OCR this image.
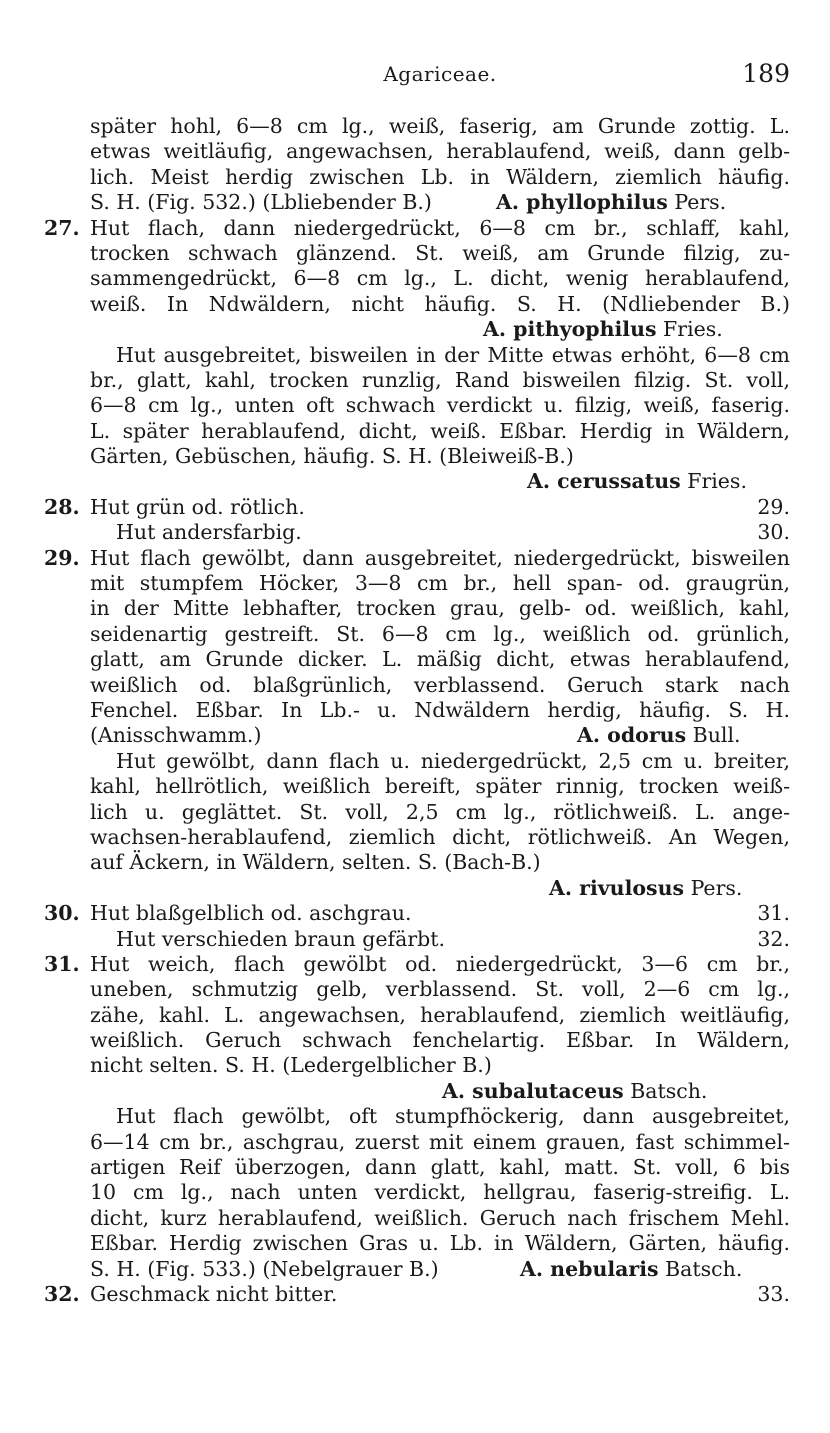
Agariceae.	189
später hohl, 6—8 cm lg., weiß, faserig, am Grunde zottig. L.
etwas weitläufig, angewachsen, herablaufend, weiß, dann gelb-
lich. Meist herdig zwischen Lb. in Wäldern, ziemlich häufig.
S. H. (Fig. 532.) (Lbliebender B.)	A. phyllophilus Pers.
27. Hut flach, dann niedergedrückt, 6—8 cm br., schlaff, kahl,
trocken schwach glänzend. St. weiß, am Grunde filzig, zu-
sammengedrückt, 6—8 cm lg., L. dicht, wenig herablaufend,
weiß. In Ndwäldern, nicht häufig. S. H. (Ndliebender B.)
A. pithyophilus Fries.
Hut ausgebreitet, bisweilen in der Mitte etwas erhöht, 6—8 cm
br., glatt, kahl, trocken runzlig, Rand bisweilen filzig. St. voll,
6—8 cm lg., unten oft schwach verdickt u. filzig, weiß, faserig.
L. später herablaufend, dicht, weiß. Eßbar. Herdig in Wäldern,
Gärten, Gebüschen, häufig. S. H. (Bleiweiß-B.)
A. cerussatus Fries.
28. Hut grün od. rötlich.	29.
Hut andersfarbig.	30.
29. Hut flach gewölbt, dann ausgebreitet, niedergedrückt, bisweilen
mit stumpfem Höcker, 3—8 cm br., hell span- od. graugrün,
in der Mitte lebhafter, trocken grau, gelb- od. weißlich, kahl,
seidenartig gestreift. St. 6—8 cm lg., weißlich od. grünlich,
glatt, am Grunde dicker. L. mäßig dicht, etwas herablaufend,
weißlich od. blaßgrünlich, verblassend. Geruch stark nach
Fenchel. Eßbar. In Lb.- u. Ndwäldern herdig, häufig. S. H.
(Anisschwamm.)	A. odorus Bull.
Hut gewölbt, dann flach u. niedergedrückt, 2,5 cm u. breiter,
kahl, hellrötlich, weißlich bereift, später rinnig, trocken weiß-
lich u. geglättet. St. voll, 2,5 cm lg., rötlichweiß. L. ange-
wachsen-herablaufend, ziemlich dicht, rötlichweiß. An Wegen,
auf Äckern, in Wäldern, selten. S. (Bach-B.)
A. rivulosus Pers.
30. Hut blaßgelblich od. aschgrau.	31.
Hut verschieden braun gefärbt.	32.
31. Hut weich, flach gewölbt od. niedergedrückt, 3—6 cm br.,
uneben, schmutzig gelb, verblassend. St. voll, 2—6 cm lg.,
zähe, kahl. L. angewachsen, herablaufend, ziemlich weitläufig,
weißlich. Geruch schwach fenchelartig. Eßbar. In Wäldern,
nicht selten. S. H. (Ledergelblicher B.)
A. subalutaceus Batsch.
Hut flach gewölbt, oft stumpfhöckerig, dann ausgebreitet,
6—14 cm br., aschgrau, zuerst mit einem grauen, fast schimmel-
artigen Reif überzogen, dann glatt, kahl, matt. St. voll, 6 bis
10 cm lg., nach unten verdickt, hellgrau, faserig-streifig. L.
dicht, kurz herablaufend, weißlich. Geruch nach frischem Mehl.
Eßbar. Herdig zwischen Gras u. Lb. in Wäldern, Gärten, häufig.
S. H. (Fig. 533.) (Nebelgrauer B.)	A. nebularis Batsch.
32. Geschmack nicht bitter.	33.
